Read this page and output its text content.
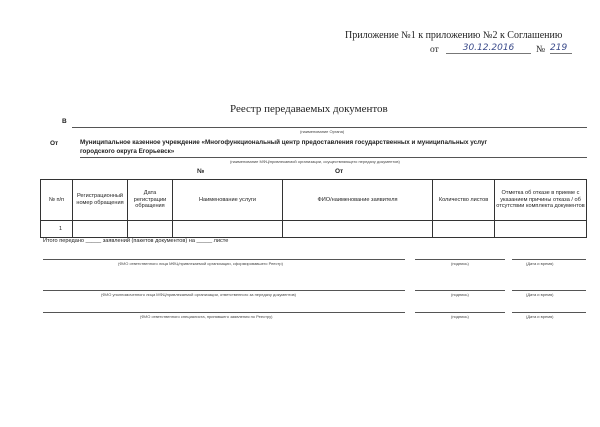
Приложение №1 к приложению №2 к Соглашению
от	30.12.2016	№ 219
Реестр передаваемых документов
В
(наименование Органа)
От	Муниципальное казенное учреждение «Многофункциональный центр предоставления государственных и муниципальных услуг
городского округа Егорьевск»
(наименование МФЦ/привлекаемой организации, осуществляющего передачу документов)
№	От
№ п/п	Регистрационный номер обращения	Дата регистрации обращения	Наименование услуги	ФИО/наименование заявителя	Количество листов	Отметка об отказе в приеме с указанием причины отказа / об отсутствии комплекта документов
1						
Итого передано _____ заявлений (пакетов документов) на _____ листе
(ФИО ответственного лица МФЦ/привлекаемой организации, сформировавшего Реестр)	(подпись)	(Дата и время)
(ФИО уполномоченного лица МФЦ/привлекаемой организации, ответственного за передачу документов)	(подпись)	(Дата и время)
(ФИО ответственного специалиста, принявшего заявления по Реестру)	(подпись)	(Дата и время)
